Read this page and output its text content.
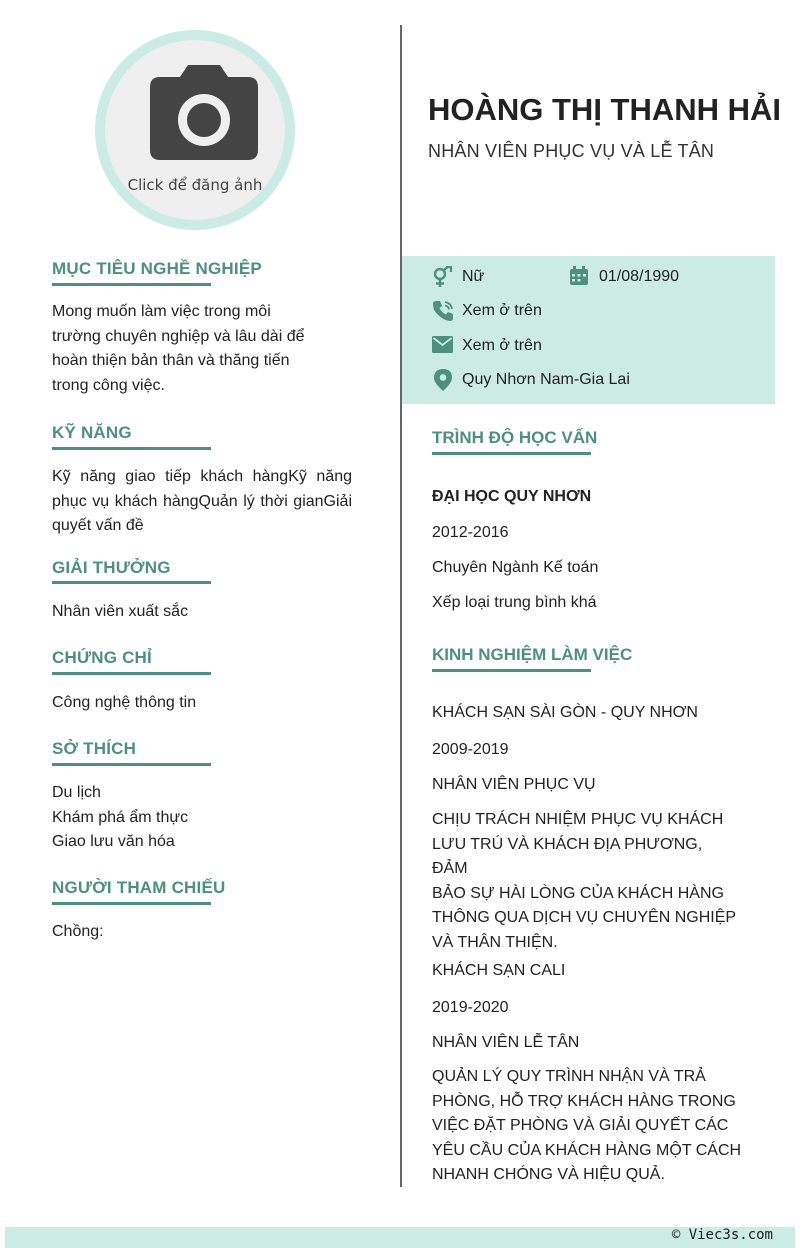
Click để đăng ảnh
HOÀNG THỊ THANH HẢI
NHÂN VIÊN PHỤC VỤ VÀ LỄ TÂN
Nữ	01/08/1990
Xem ở trên
Xem ở trên
Quy Nhơn Nam-Gia Lai
MỤC TIÊU NGHỀ NGHIỆP
Mong muốn làm việc trong môi
trường chuyên nghiệp và lâu dài để
hoàn thiện bản thân và thăng tiến
trong công việc.
KỸ NĂNG
Kỹ năng giao tiếp khách hàngKỹ năng phục vụ khách hàngQuản lý thời gianGiải quyết vấn đề
GIẢI THƯỞNG
Nhân viên xuất sắc
CHỨNG CHỈ
Công nghệ thông tin
SỞ THÍCH
Du lịch
Khám phá ẩm thực
Giao lưu văn hóa
NGƯỜI THAM CHIẾU
Chồng:
TRÌNH ĐỘ HỌC VẤN
ĐẠI HỌC QUY NHƠN
2012-2016
Chuyên Ngành Kế toán
Xếp loại trung bình khá
KINH NGHIỆM LÀM VIỆC
KHÁCH SẠN SÀI GÒN - QUY NHƠN
2009-2019
NHÂN VIÊN PHỤC VỤ
CHỊU TRÁCH NHIỆM PHỤC VỤ KHÁCH
LƯU TRÚ VÀ KHÁCH ĐỊA PHƯƠNG, ĐẢM
BẢO SỰ HÀI LÒNG CỦA KHÁCH HÀNG
THÔNG QUA DỊCH VỤ CHUYÊN NGHIỆP
VÀ THÂN THIỆN.
KHÁCH SẠN CALI
2019-2020
NHÂN VIÊN LỄ TÂN
QUẢN LÝ QUY TRÌNH NHẬN VÀ TRẢ
PHÒNG, HỖ TRỢ KHÁCH HÀNG TRONG
VIỆC ĐẶT PHÒNG VÀ GIẢI QUYẾT CÁC
YÊU CẦU CỦA KHÁCH HÀNG MỘT CÁCH
NHANH CHÓNG VÀ HIỆU QUẢ.
© Viec3s.com
